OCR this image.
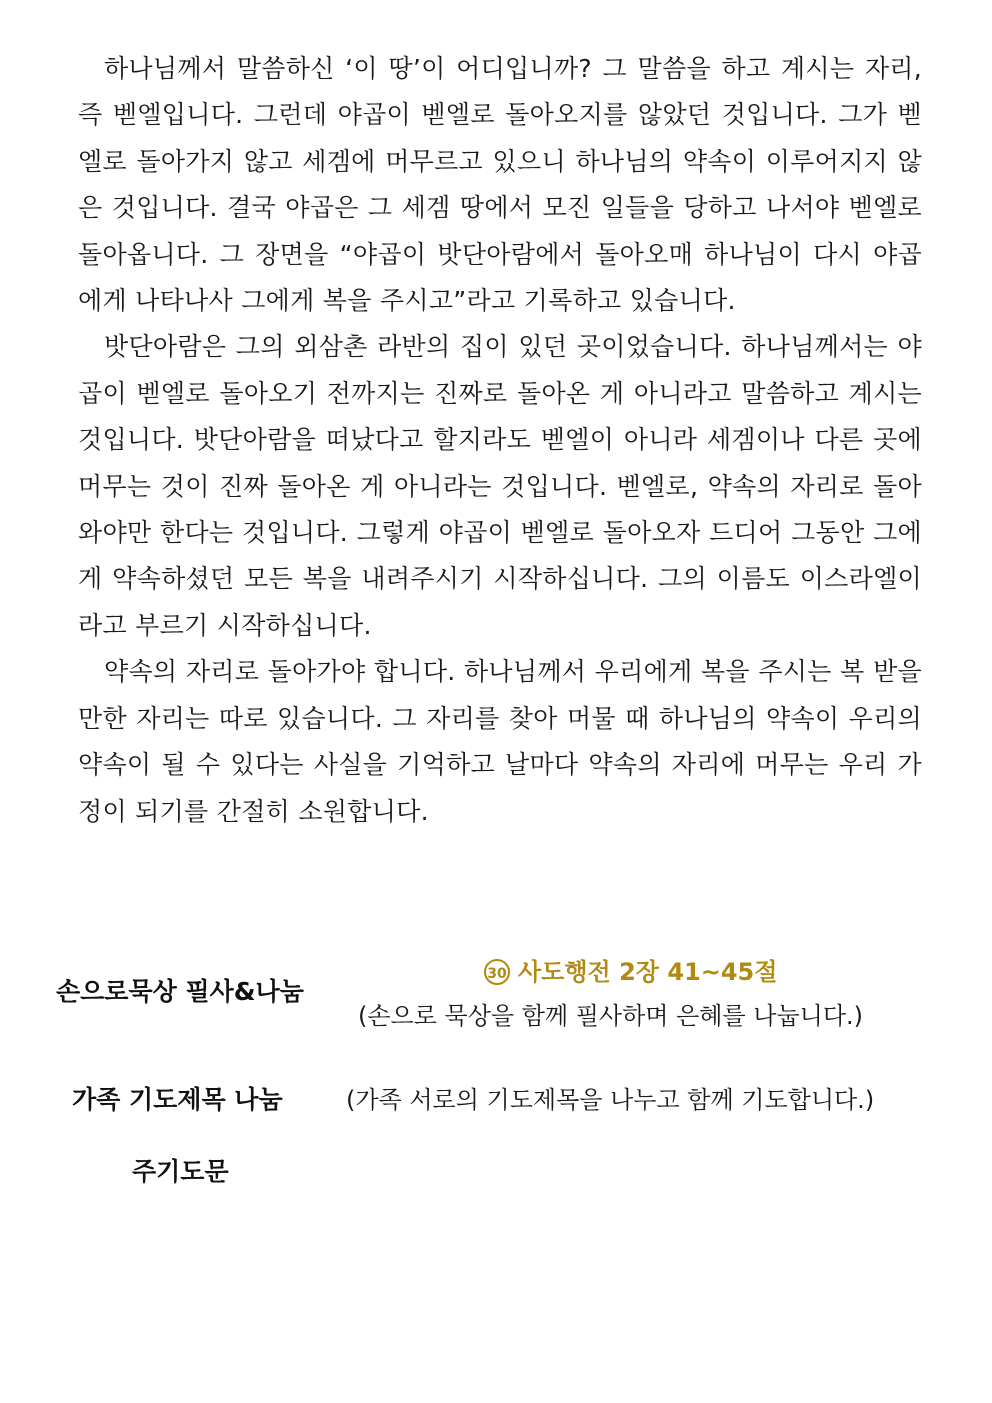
하나님께서 말씀하신 ‘이 땅’이 어디입니까? 그 말씀을 하고 계시는 자리, 즉 벧엘입니다. 그런데 야곱이 벧엘로 돌아오지를 않았던 것입니다. 그가 벧엘로 돌아가지 않고 세겜에 머무르고 있으니 하나님의 약속이 이루어지지 않은 것입니다. 결국 야곱은 그 세겜 땅에서 모진 일들을 당하고 나서야 벧엘로 돌아옵니다. 그 장면을 “야곱이 밧단아람에서 돌아오매 하나님이 다시 야곱에게 나타나사 그에게 복을 주시고”라고 기록하고 있습니다.

밧단아람은 그의 외삼촌 라반의 집이 있던 곳이었습니다. 하나님께서는 야곱이 벧엘로 돌아오기 전까지는 진짜로 돌아온 게 아니라고 말씀하고 계시는 것입니다. 밧단아람을 떠났다고 할지라도 벧엘이 아니라 세겜이나 다른 곳에 머무는 것이 진짜 돌아온 게 아니라는 것입니다. 벧엘로, 약속의 자리로 돌아와야만 한다는 것입니다. 그렇게 야곱이 벧엘로 돌아오자 드디어 그동안 그에게 약속하셨던 모든 복을 내려주시기 시작하십니다. 그의 이름도 이스라엘이라고 부르기 시작하십니다.

약속의 자리로 돌아가야 합니다. 하나님께서 우리에게 복을 주시는 복 받을 만한 자리는 따로 있습니다. 그 자리를 찾아 머물 때 하나님의 약속이 우리의 약속이 될 수 있다는 사실을 기억하고 날마다 약속의 자리에 머무는 우리 가정이 되기를 간절히 소원합니다.

손으로묵상 필사&나눔
30 사도행전 2장 41~45절
(손으로 묵상을 함께 필사하며 은혜를 나눕니다.)
가족 기도제목 나눔	(가족 서로의 기도제목을 나누고 함께 기도합니다.)
주기도문
